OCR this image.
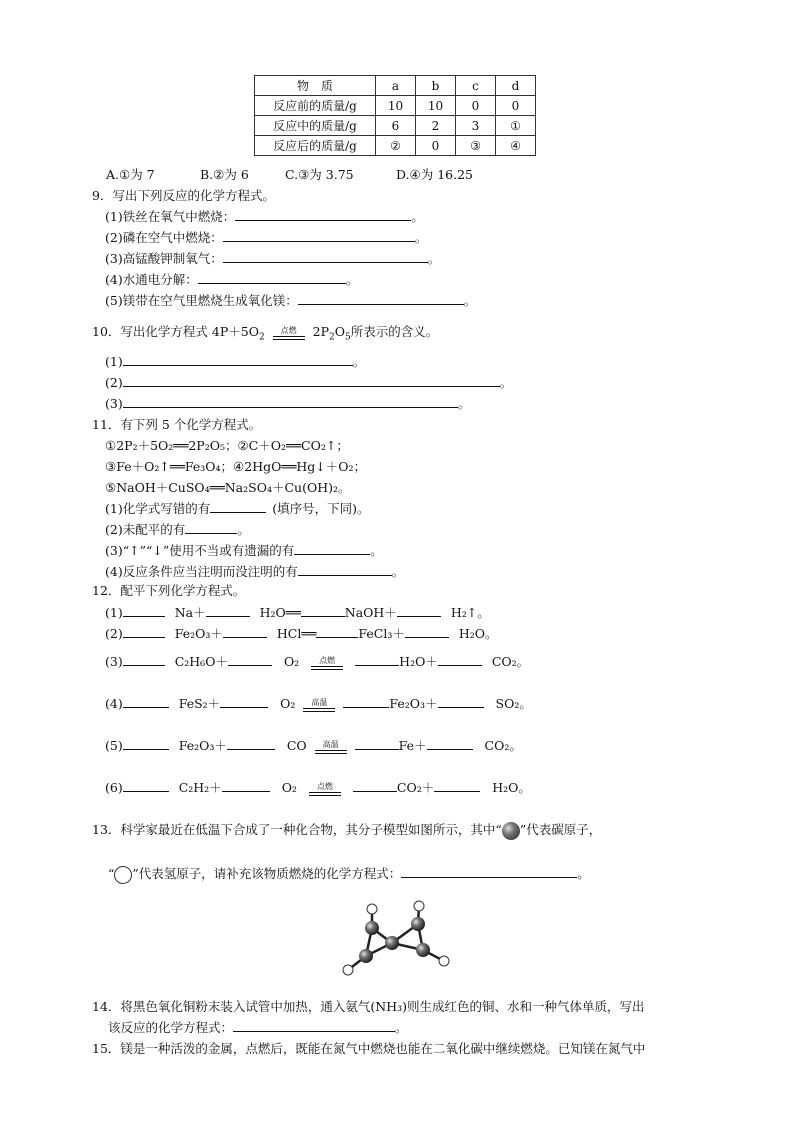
物　质	a	b	c	d
反应前的质量/g	10	10	0	0
反应中的质量/g	6	2	3	①
反应后的质量/g	②	0	③	④
A.①为 7	B.②为 6	C.③为 3.75	D.④为 16.25
9．写出下列反应的化学方程式。
(1)铁丝在氧气中燃烧：	。
(2)磷在空气中燃烧：	。
(3)高锰酸钾制氧气：	。
(4)水通电分解：	。
(5)镁带在空气里燃烧生成氧化镁：	。
10．写出化学方程式 $4P+5O_2$
点燃	$2P_2O_5$所表示的含义。
(1)	。
(2)	。
(3)	。
11．有下列 5 个化学方程式。
①2P₂＋5O₂══2P₂O₅；②C＋O₂══CO₂↑；
③Fe＋O₂↑══Fe₃O₄；④2HgO══Hg↓＋O₂；
⑤NaOH＋CuSO₄══Na₂SO₄＋Cu(OH)₂。
(1)化学式写错的有	(填序号，下同)。
(2)未配平的有	。
(3)“↑”“↓”使用不当或有遗漏的有	。
(4)反应条件应当注明而没注明的有	。
12．配平下列化学方程式。
(1)	Na＋	H₂O══	NaOH＋	H₂↑。
(2)	Fe₂O₃＋	HCl══	FeCl₃＋	H₂O。
(3)	C₂H₆O＋	O₂	点燃	H₂O＋	CO₂。
(4)	FeS₂＋	O₂	高温	Fe₂O₃＋	SO₂。
(5)	Fe₂O₃＋	CO	高温	Fe＋	CO₂。
(6)	C₂H₂＋	O₂	点燃	CO₂＋	H₂O。
13．科学家最近在低温下合成了一种化合物，其分子模型如图所示，其中“ ”代表碳原子，
“ ”代表氢原子，请补充该物质燃烧的化学方程式：	。
14．将黑色氧化铜粉末装入试管中加热，通入氨气(NH₃)则生成红色的铜、水和一种气体单质，写出
该反应的化学方程式：	。
15．镁是一种活泼的金属，点燃后，既能在氮气中燃烧也能在二氧化碳中继续燃烧。已知镁在氮气中
